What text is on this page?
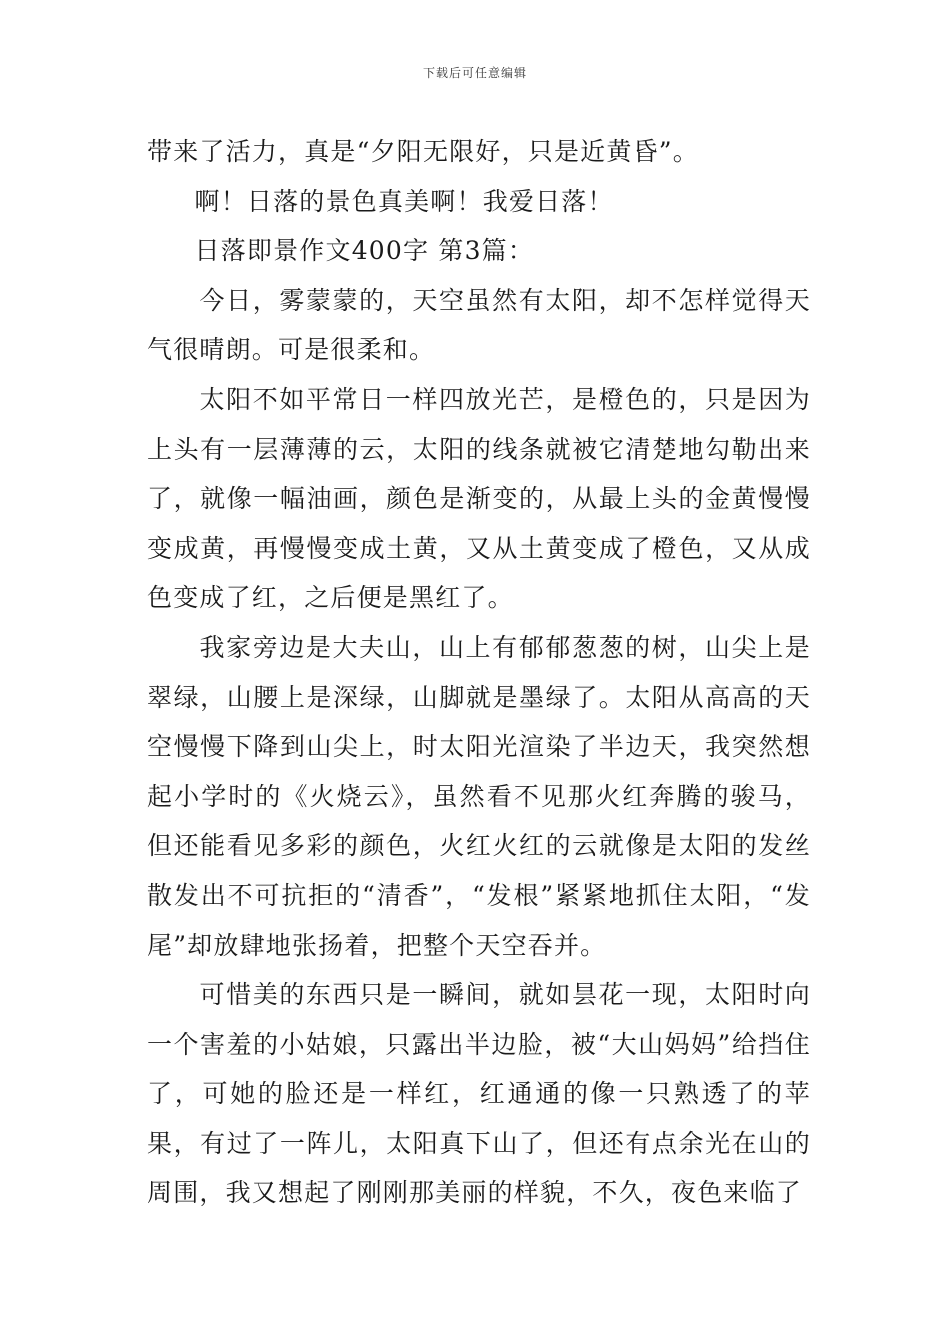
下载后可任意编辑

带来了活力，真是“夕阳无限好，只是近黄昏”。

啊！日落的景色真美啊！我爱日落！

日落即景作文400字 第3篇：

今日，雾蒙蒙的，天空虽然有太阳，却不怎样觉得天气很晴朗。可是很柔和。

太阳不如平常日一样四放光芒，是橙色的，只是因为上头有一层薄薄的云，太阳的线条就被它清楚地勾勒出来了，就像一幅油画，颜色是渐变的，从最上头的金黄慢慢变成黄，再慢慢变成土黄，又从土黄变成了橙色，又从成色变成了红，之后便是黑红了。

我家旁边是大夫山，山上有郁郁葱葱的树，山尖上是翠绿，山腰上是深绿，山脚就是墨绿了。太阳从高高的天空慢慢下降到山尖上，时太阳光渲染了半边天，我突然想起小学时的《火烧云》，虽然看不见那火红奔腾的骏马，但还能看见多彩的颜色，火红火红的云就像是太阳的发丝散发出不可抗拒的“清香”，“发根”紧紧地抓住太阳，“发尾”却放肆地张扬着，把整个天空吞并。

可惜美的东西只是一瞬间，就如昙花一现，太阳时向一个害羞的小姑娘，只露出半边脸，被“大山妈妈”给挡住了，可她的脸还是一样红，红通通的像一只熟透了的苹果，有过了一阵儿，太阳真下山了，但还有点余光在山的周围，我又想起了刚刚那美丽的样貌，不久，夜色来临了
